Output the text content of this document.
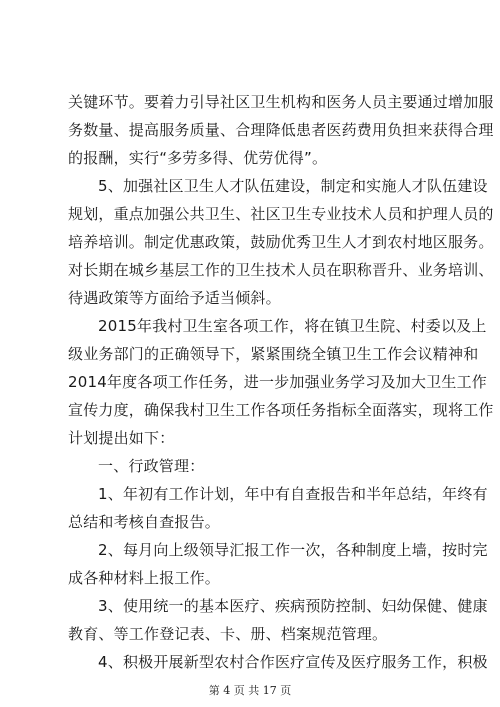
关键环节。要着力引导社区卫生机构和医务人员主要通过增加服
务数量、提高服务质量、合理降低患者医药费用负担来获得合理
的报酬，实行“多劳多得、优劳优得”。
5、加强社区卫生人才队伍建设，制定和实施人才队伍建设
规划，重点加强公共卫生、社区卫生专业技术人员和护理人员的
培养培训。制定优惠政策，鼓励优秀卫生人才到农村地区服务。
对长期在城乡基层工作的卫生技术人员在职称晋升、业务培训、
待遇政策等方面给予适当倾斜。
2015年我村卫生室各项工作，将在镇卫生院、村委以及上
级业务部门的正确领导下，紧紧围绕全镇卫生工作会议精神和
2014年度各项工作任务，进一步加强业务学习及加大卫生工作
宣传力度，确保我村卫生工作各项任务指标全面落实，现将工作
计划提出如下：
一、行政管理：
1、年初有工作计划，年中有自查报告和半年总结，年终有
总结和考核自查报告。
2、每月向上级领导汇报工作一次，各种制度上墙，按时完
成各种材料上报工作。
3、使用统一的基本医疗、疾病预防控制、妇幼保健、健康
教育、等工作登记表、卡、册、档案规范管理。
4、积极开展新型农村合作医疗宣传及医疗服务工作，积极
第 4 页 共 17 页
